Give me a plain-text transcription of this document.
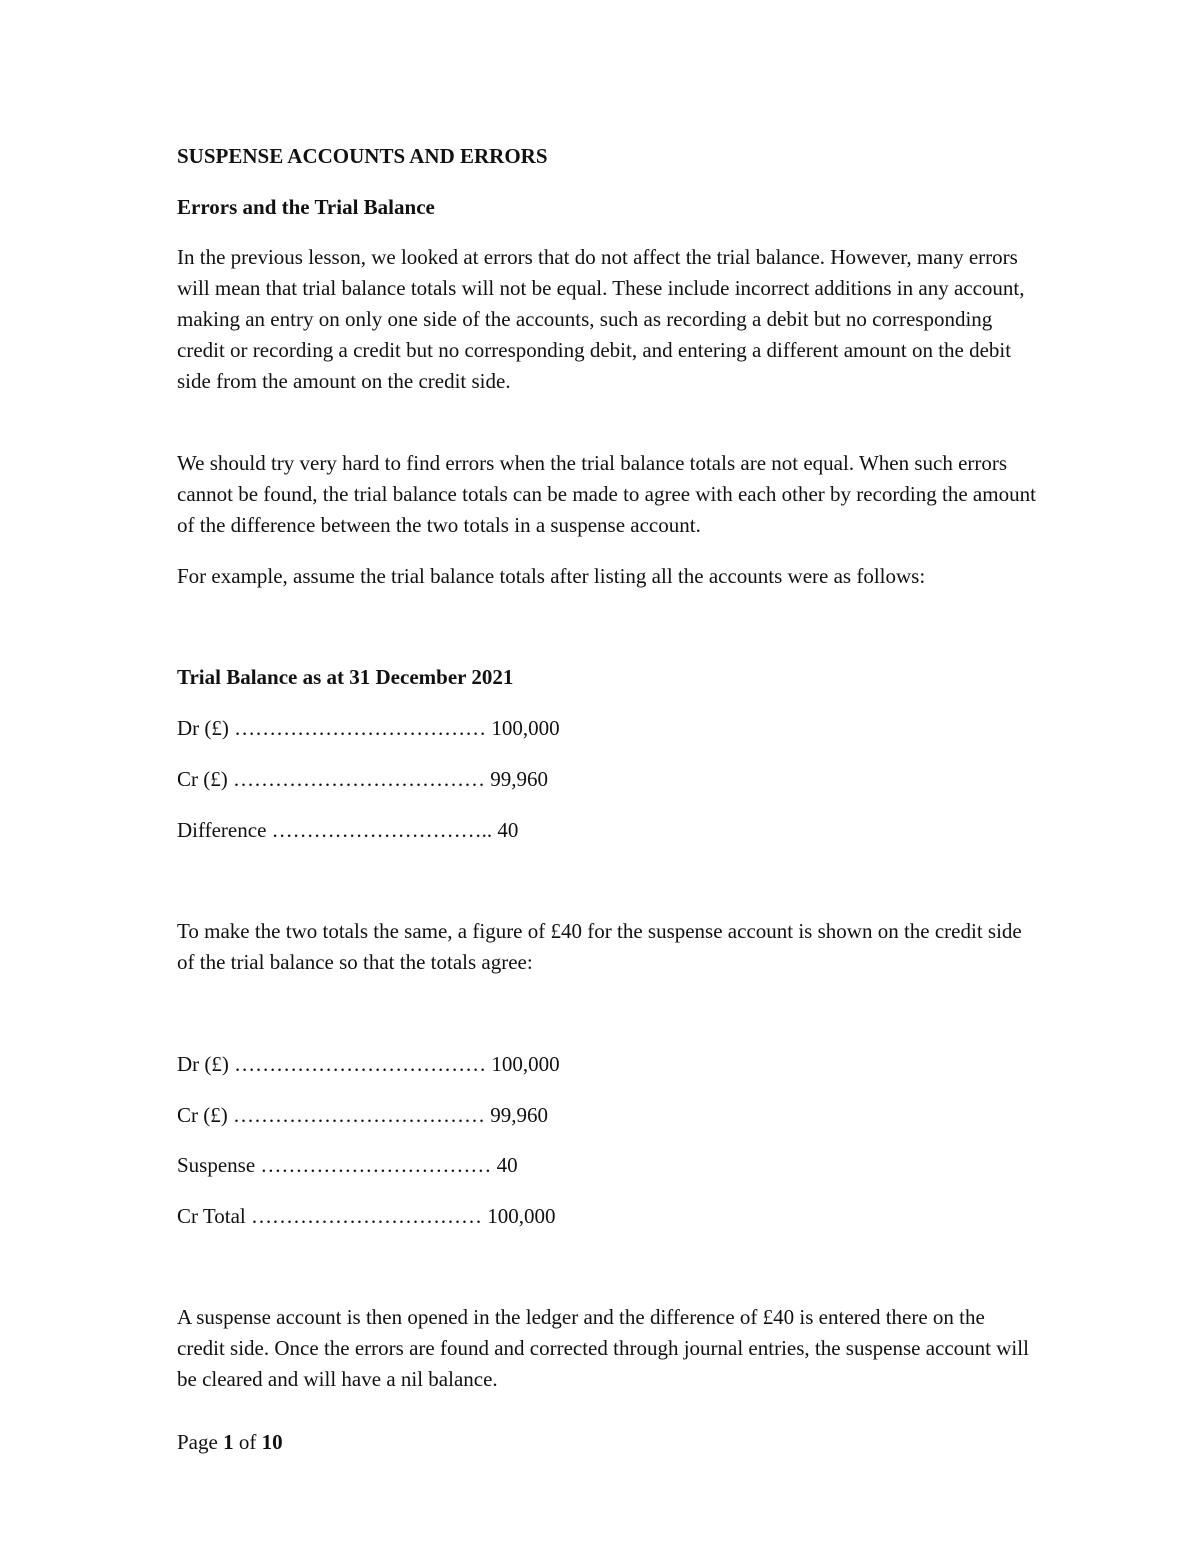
SUSPENSE ACCOUNTS AND ERRORS
Errors and the Trial Balance

In the previous lesson, we looked at errors that do not affect the trial balance. However, many errors will mean that trial balance totals will not be equal. These include incorrect additions in any account, making an entry on only one side of the accounts, such as recording a debit but no corresponding credit or recording a credit but no corresponding debit, and entering a different amount on the debit side from the amount on the credit side.

We should try very hard to find errors when the trial balance totals are not equal. When such errors cannot be found, the trial balance totals can be made to agree with each other by recording the amount of the difference between the two totals in a suspense account.

For example, assume the trial balance totals after listing all the accounts were as follows:

Trial Balance as at 31 December 2021
Dr (£) ……………………………… 100,000
Cr (£) ……………………………… 99,960
Difference ………………………….. 40

To make the two totals the same, a figure of £40 for the suspense account is shown on the credit side of the trial balance so that the totals agree:

Dr (£) ……………………………… 100,000
Cr (£) ……………………………… 99,960
Suspense …………………………… 40
Cr Total …………………………… 100,000

A suspense account is then opened in the ledger and the difference of £40 is entered there on the credit side. Once the errors are found and corrected through journal entries, the suspense account will be cleared and will have a nil balance.

Page 1 of 10
